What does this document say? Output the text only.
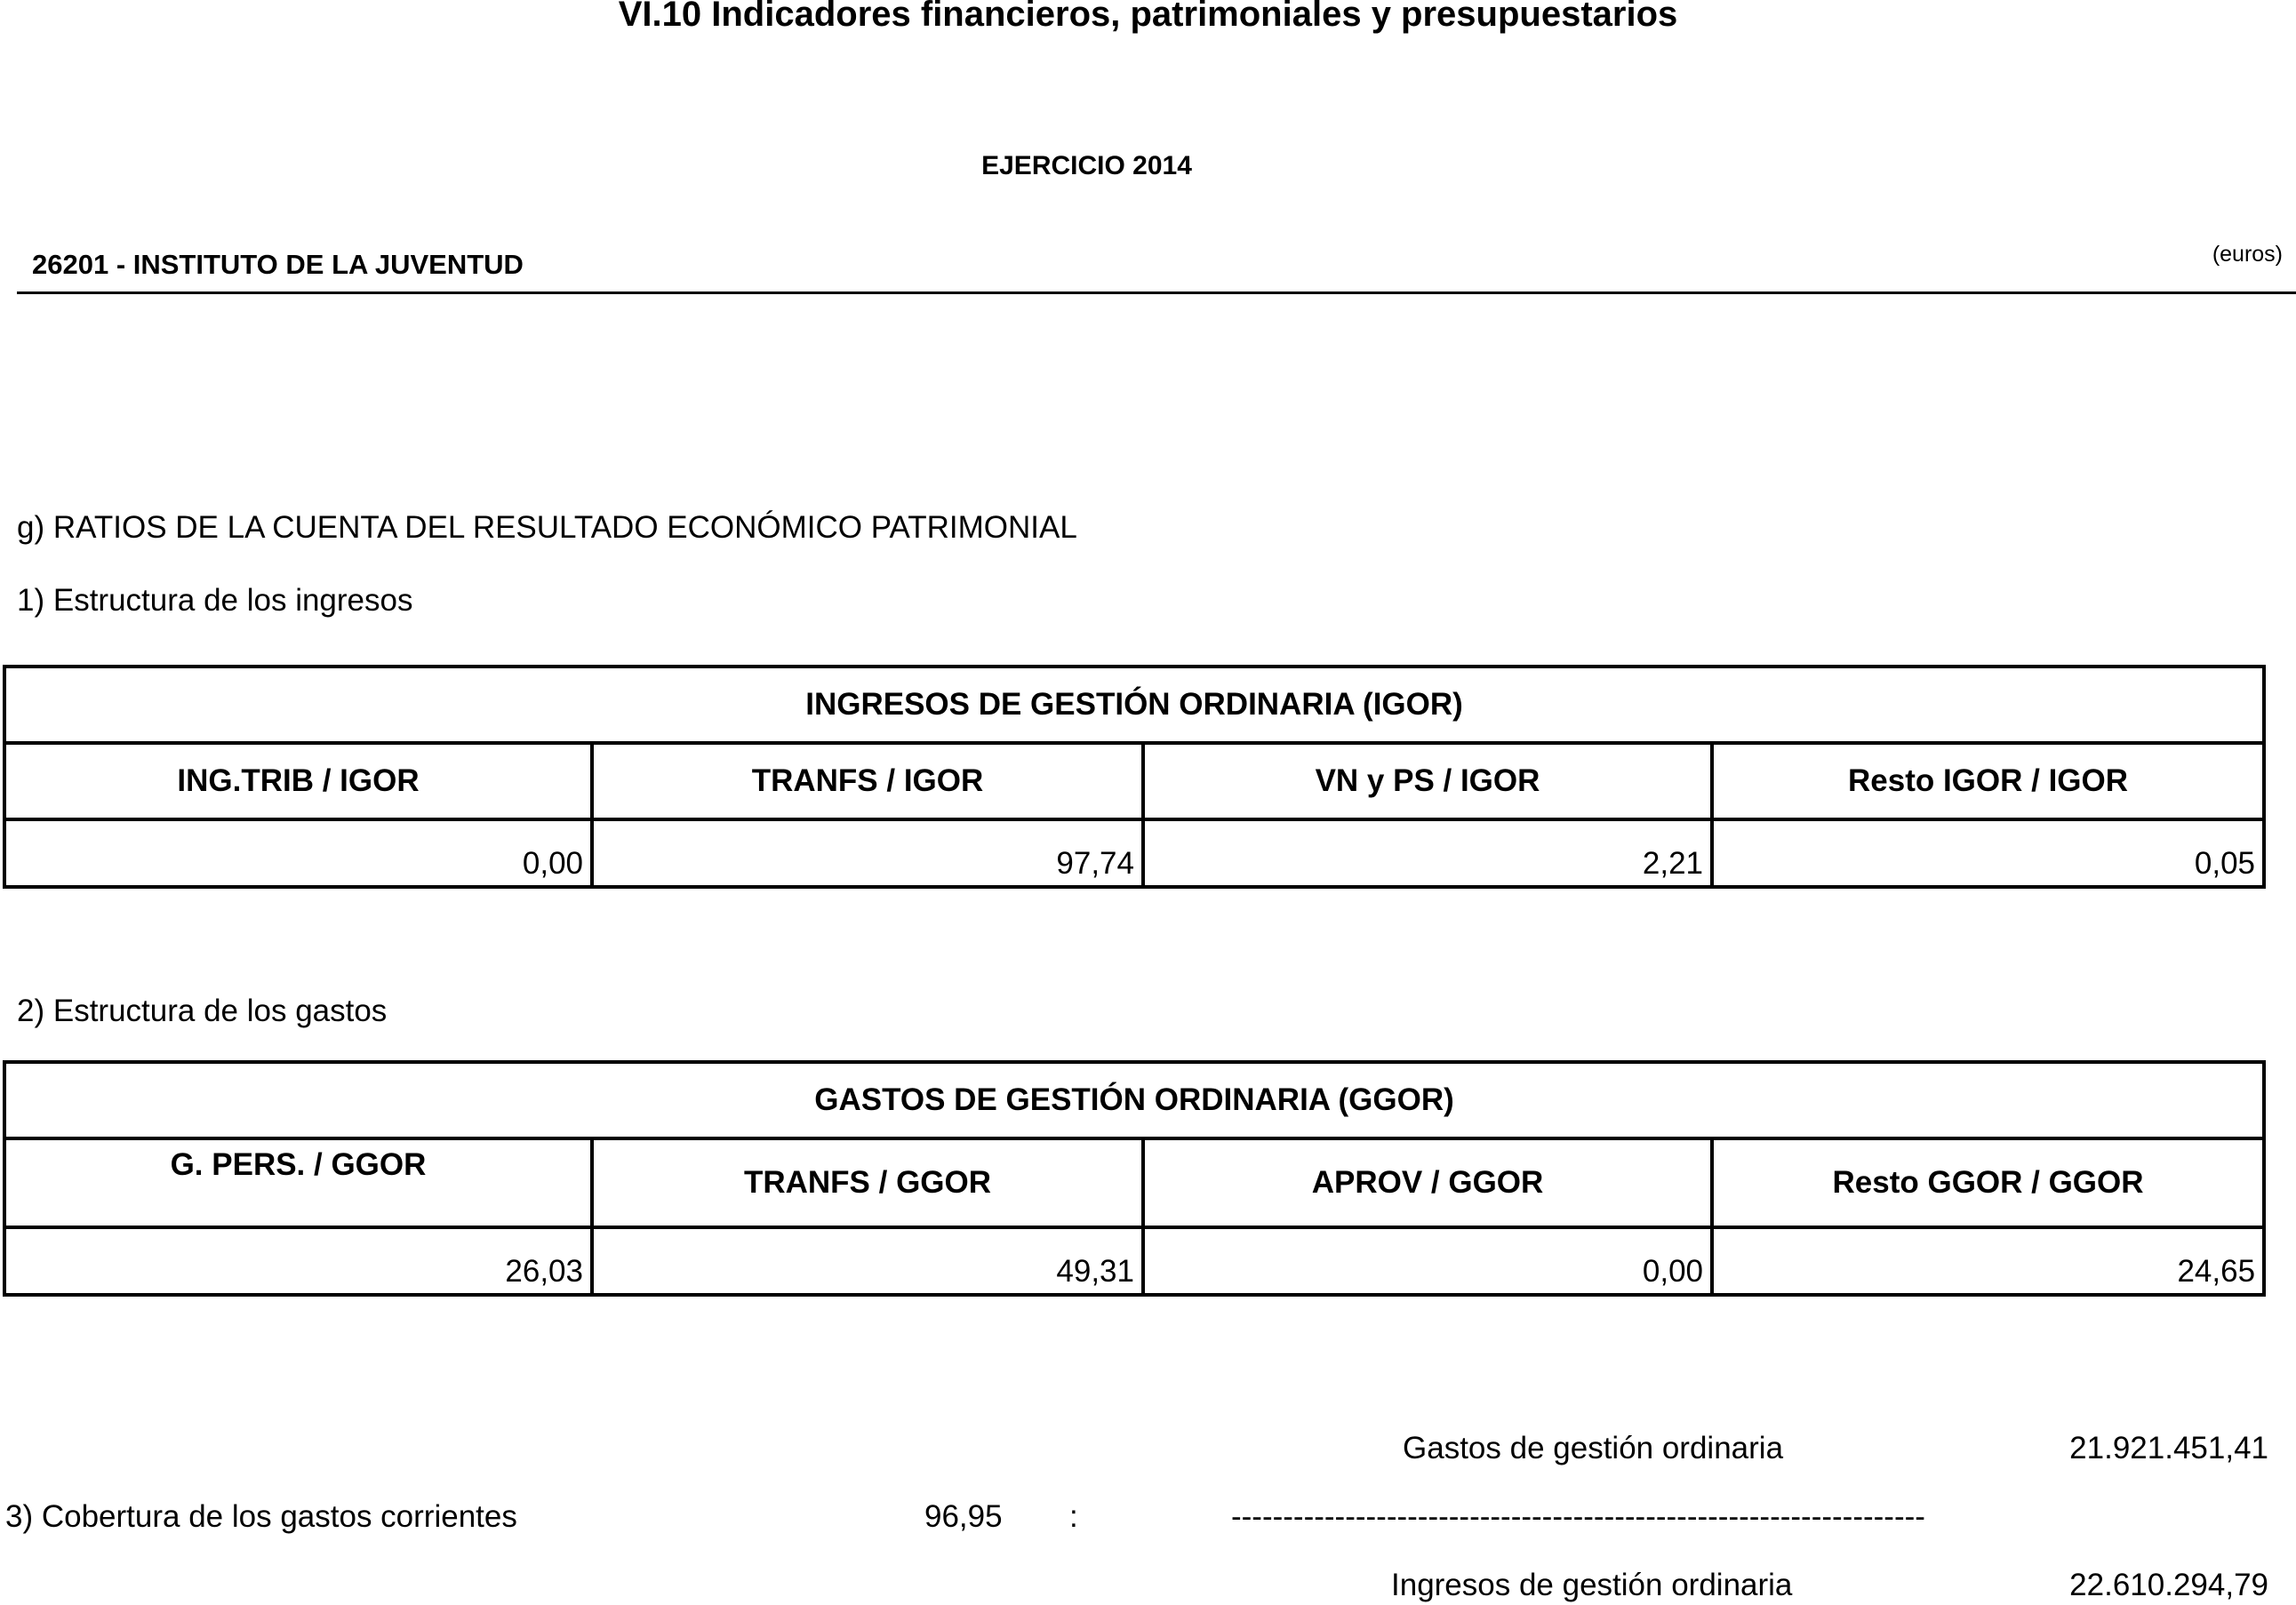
VI.10 Indicadores financieros, patrimoniales y presupuestarios
EJERCICIO 2014
26201 - INSTITUTO DE LA JUVENTUD	(euros)
g) RATIOS DE LA CUENTA DEL RESULTADO ECONÓMICO PATRIMONIAL
1) Estructura de los ingresos
INGRESOS DE GESTIÓN ORDINARIA (IGOR)			
ING.TRIB / IGOR	TRANFS / IGOR	VN y PS / IGOR	Resto IGOR / IGOR
0,00	97,74	2,21	0,05
2) Estructura de los gastos
GASTOS DE GESTIÓN ORDINARIA (GGOR)			
G. PERS. / GGOR	TRANFS / GGOR	APROV / GGOR	Resto GGOR / GGOR
26,03	49,31	0,00	24,65
Gastos de gestión ordinaria	21.921.451,41
3) Cobertura de los gastos corrientes	96,95 :	-------------------------------------------------------------------
Ingresos de gestión ordinaria	22.610.294,79
